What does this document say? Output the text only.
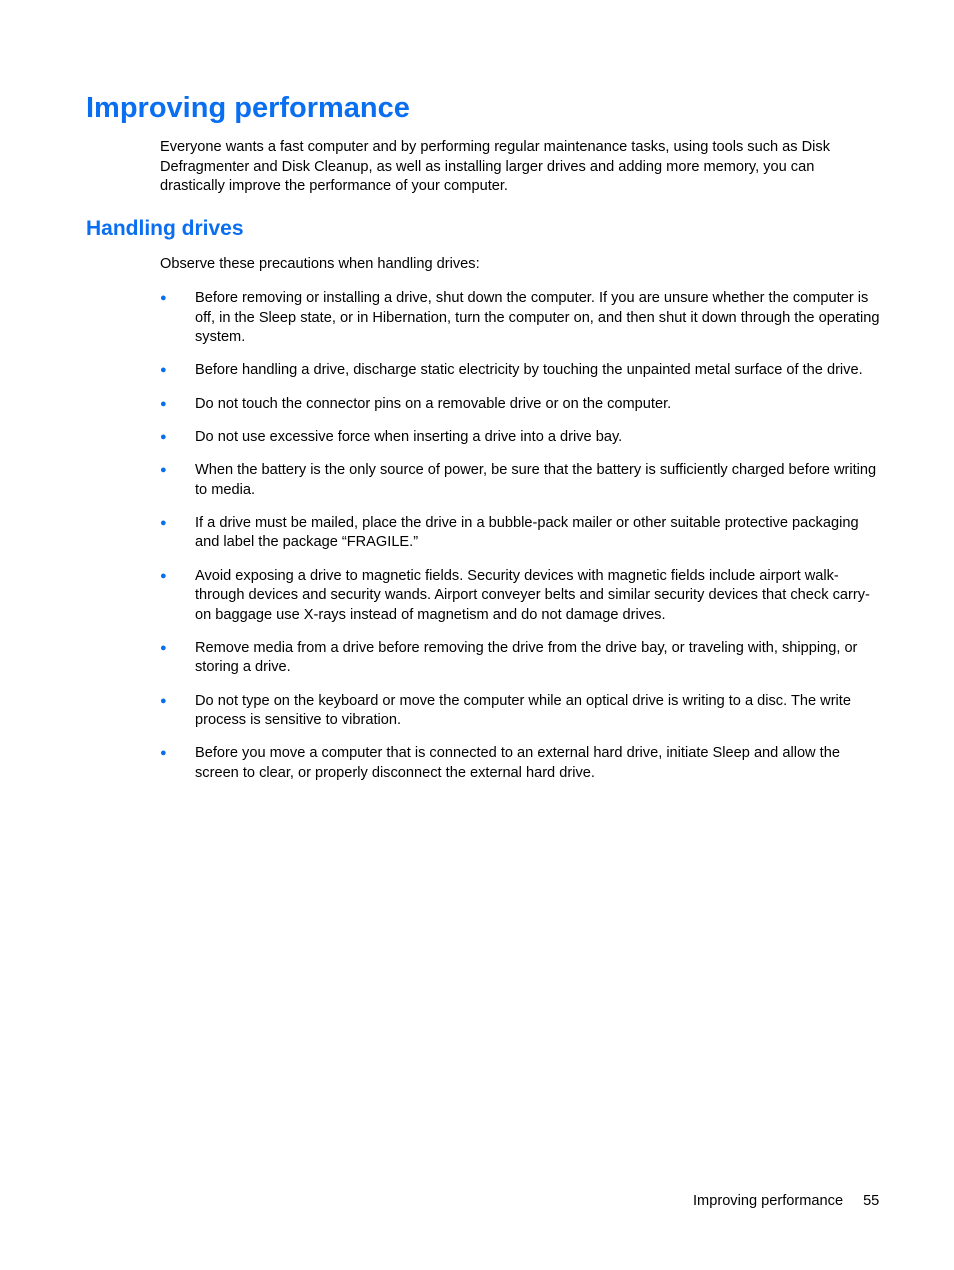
Improving performance

Everyone wants a fast computer and by performing regular maintenance tasks, using tools such as Disk Defragmenter and Disk Cleanup, as well as installing larger drives and adding more memory, you can drastically improve the performance of your computer.

Handling drives

Observe these precautions when handling drives:

● Before removing or installing a drive, shut down the computer. If you are unsure whether the computer is off, in the Sleep state, or in Hibernation, turn the computer on, and then shut it down through the operating system.
● Before handling a drive, discharge static electricity by touching the unpainted metal surface of the drive.
● Do not touch the connector pins on a removable drive or on the computer.
● Do not use excessive force when inserting a drive into a drive bay.
● When the battery is the only source of power, be sure that the battery is sufficiently charged before writing to media.
● If a drive must be mailed, place the drive in a bubble-pack mailer or other suitable protective packaging and label the package “FRAGILE.”
● Avoid exposing a drive to magnetic fields. Security devices with magnetic fields include airport walk-through devices and security wands. Airport conveyer belts and similar security devices that check carry-on baggage use X-rays instead of magnetism and do not damage drives.
● Remove media from a drive before removing the drive from the drive bay, or traveling with, shipping, or storing a drive.
● Do not type on the keyboard or move the computer while an optical drive is writing to a disc. The write process is sensitive to vibration.
● Before you move a computer that is connected to an external hard drive, initiate Sleep and allow the screen to clear, or properly disconnect the external hard drive.
Improving performance 55
